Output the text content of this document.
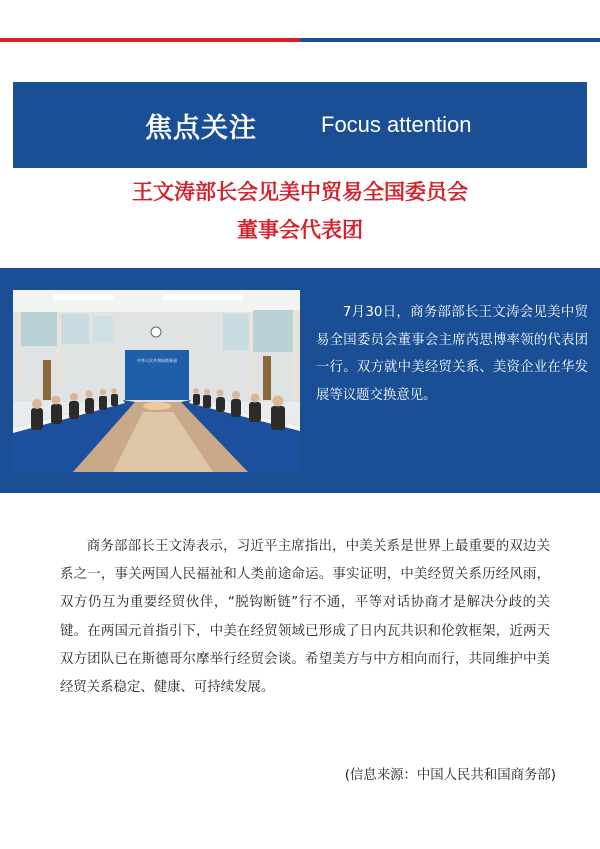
焦点关注	Focus attention
王文涛部长会见美中贸易全国委员会
董事会代表团
中华人民共和国商务部
7月30日，商务部部长王文涛会见美中贸易全国委员会董事会主席芮思博率领的代表团一行。双方就中美经贸关系、美资企业在华发展等议题交换意见。
商务部部长王文涛表示，习近平主席指出，中美关系是世界上最重要的双边关系之一，事关两国人民福祉和人类前途命运。事实证明，中美经贸关系历经风雨，双方仍互为重要经贸伙伴，“脱钩断链”行不通，平等对话协商才是解决分歧的关键。在两国元首指引下，中美在经贸领域已形成了日内瓦共识和伦敦框架，近两天双方团队已在斯德哥尔摩举行经贸会谈。希望美方与中方相向而行，共同维护中美经贸关系稳定、健康、可持续发展。
(信息来源：中国人民共和国商务部)
